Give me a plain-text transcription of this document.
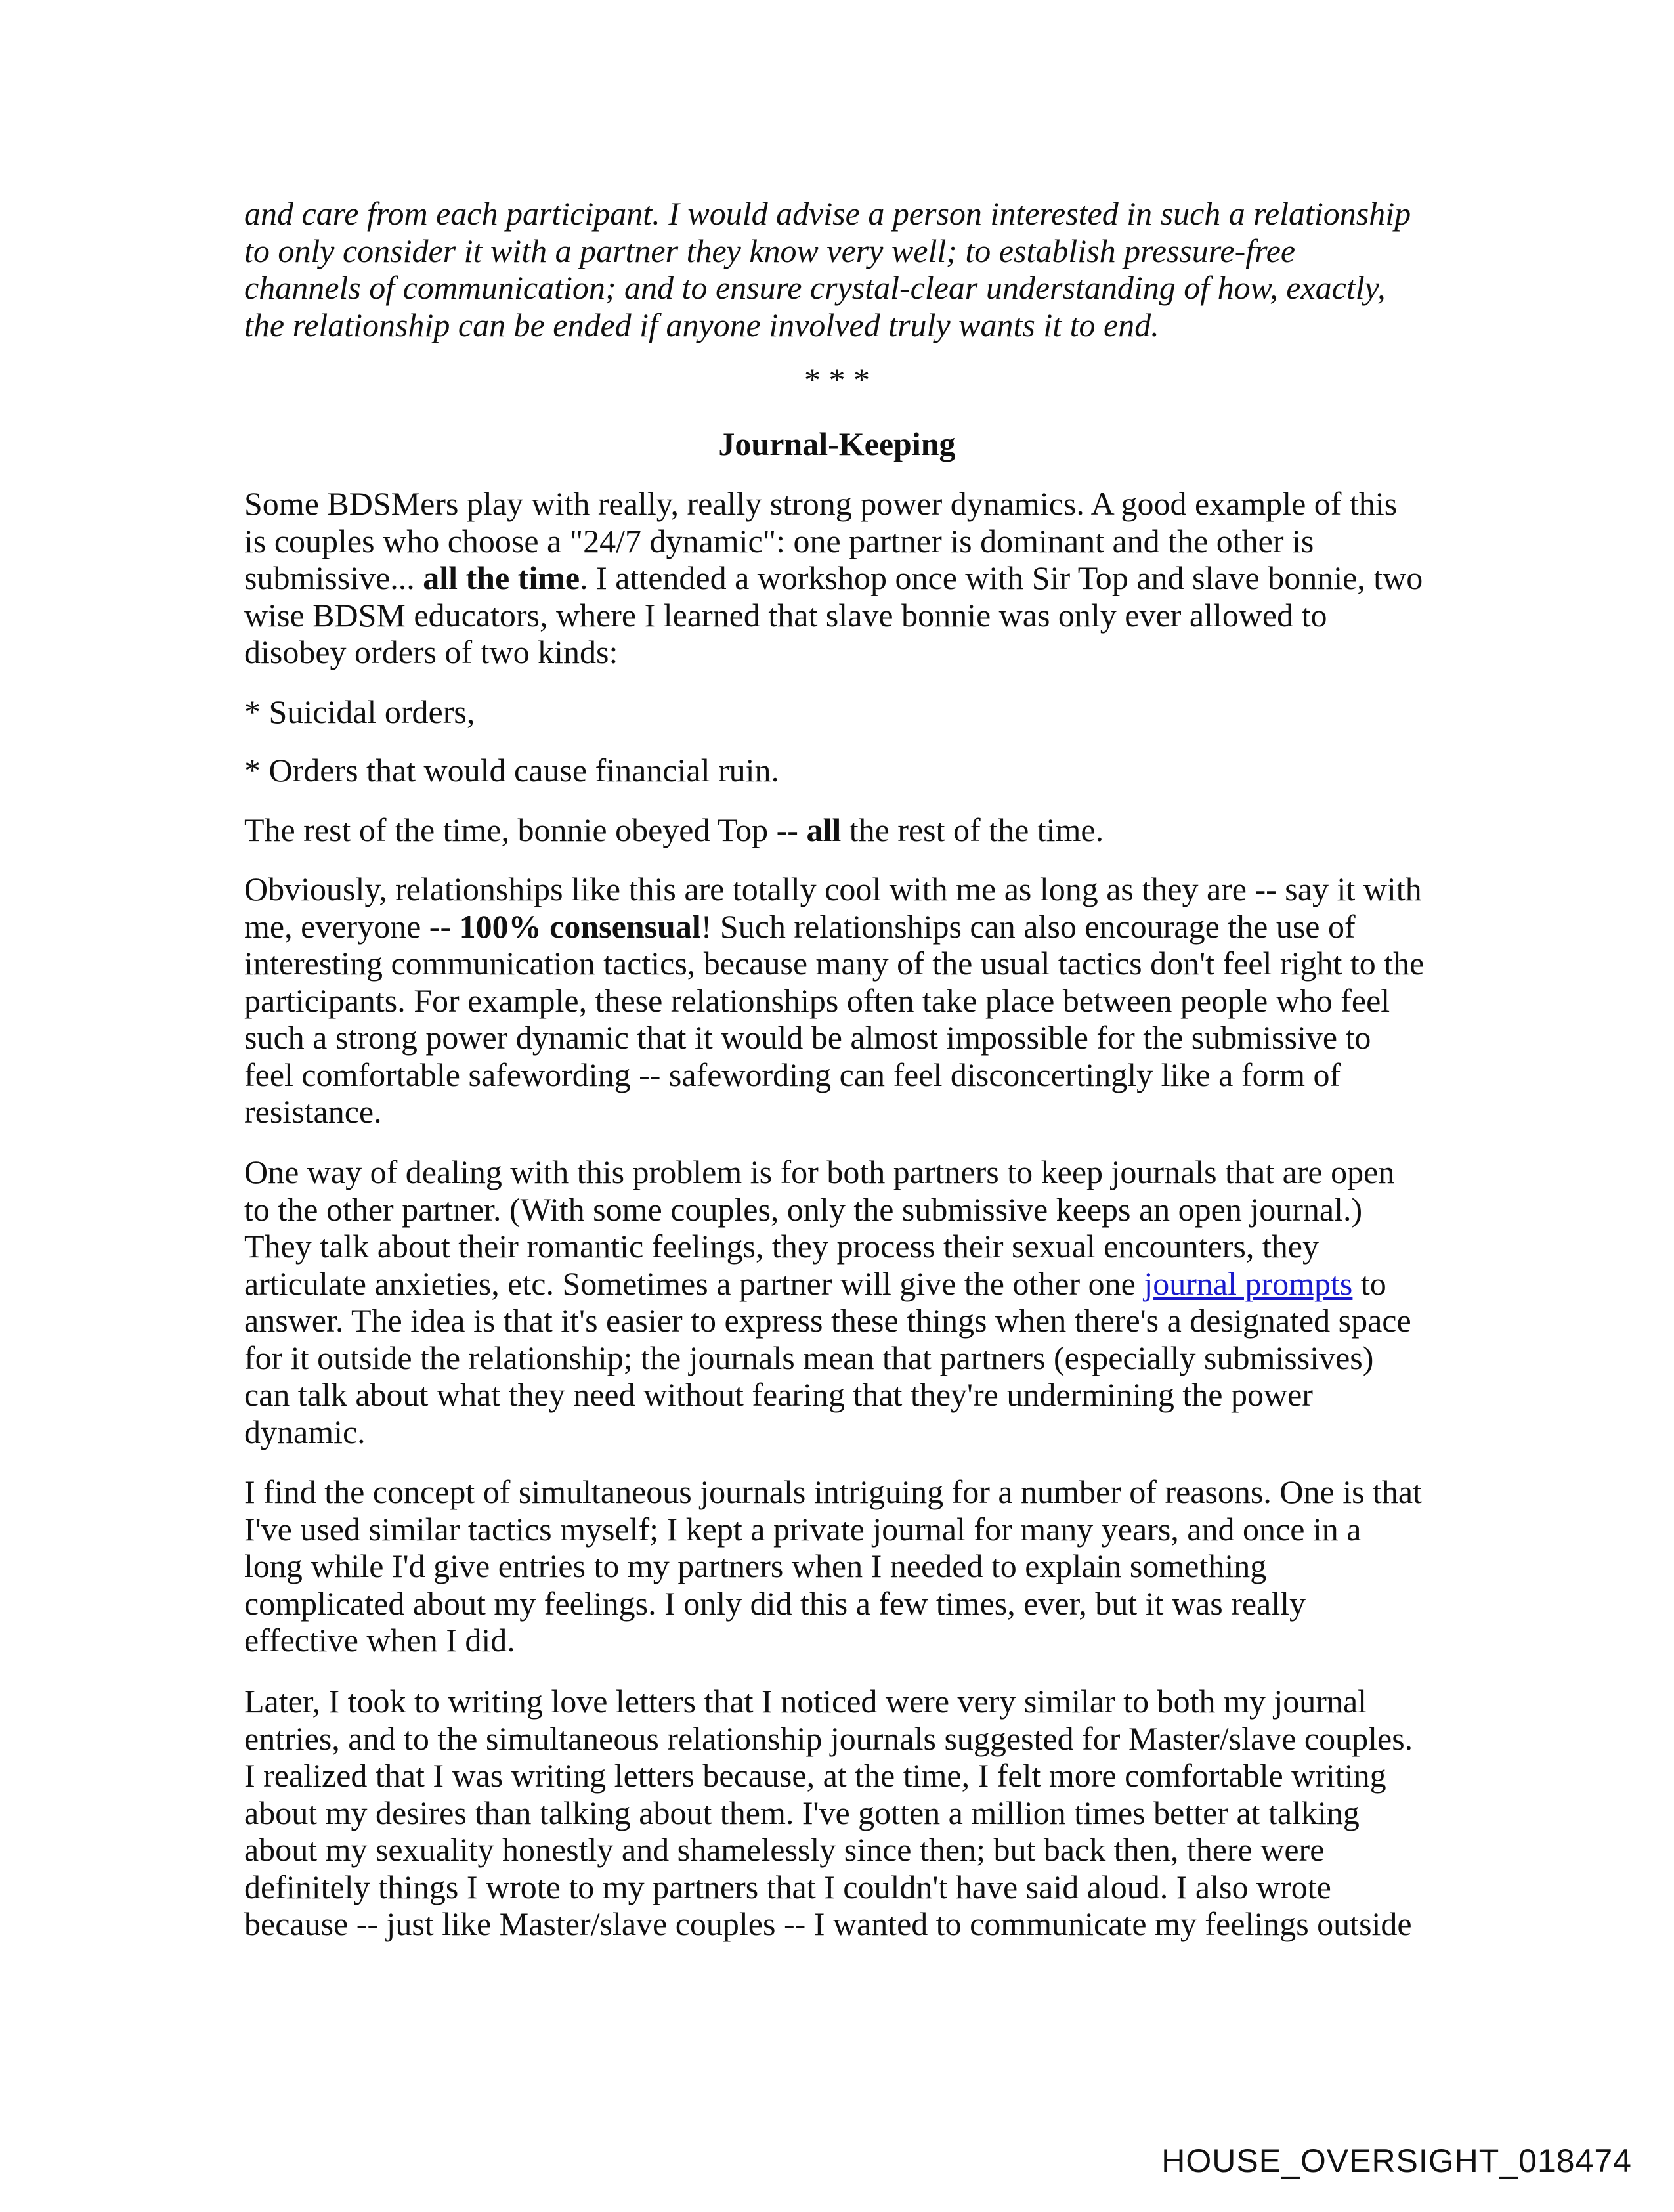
and care from each participant. I would advise a person interested in such a relationship
to only consider it with a partner they know very well; to establish pressure-free
channels of communication; and to ensure crystal-clear understanding of how, exactly,
the relationship can be ended if anyone involved truly wants it to end.
* * *
Journal-Keeping
Some BDSMers play with really, really strong power dynamics. A good example of this
is couples who choose a "24/7 dynamic": one partner is dominant and the other is
submissive... all the time. I attended a workshop once with Sir Top and slave bonnie, two
wise BDSM educators, where I learned that slave bonnie was only ever allowed to
disobey orders of two kinds:
* Suicidal orders,
* Orders that would cause financial ruin.
The rest of the time, bonnie obeyed Top -- all the rest of the time.
Obviously, relationships like this are totally cool with me as long as they are -- say it with
me, everyone -- 100% consensual! Such relationships can also encourage the use of
interesting communication tactics, because many of the usual tactics don't feel right to the
participants. For example, these relationships often take place between people who feel
such a strong power dynamic that it would be almost impossible for the submissive to
feel comfortable safewording -- safewording can feel disconcertingly like a form of
resistance.
One way of dealing with this problem is for both partners to keep journals that are open
to the other partner. (With some couples, only the submissive keeps an open journal.)
They talk about their romantic feelings, they process their sexual encounters, they
articulate anxieties, etc. Sometimes a partner will give the other one journal prompts to
answer. The idea is that it's easier to express these things when there's a designated space
for it outside the relationship; the journals mean that partners (especially submissives)
can talk about what they need without fearing that they're undermining the power
dynamic.
I find the concept of simultaneous journals intriguing for a number of reasons. One is that
I've used similar tactics myself; I kept a private journal for many years, and once in a
long while I'd give entries to my partners when I needed to explain something
complicated about my feelings. I only did this a few times, ever, but it was really
effective when I did.
Later, I took to writing love letters that I noticed were very similar to both my journal
entries, and to the simultaneous relationship journals suggested for Master/slave couples.
I realized that I was writing letters because, at the time, I felt more comfortable writing
about my desires than talking about them. I've gotten a million times better at talking
about my sexuality honestly and shamelessly since then; but back then, there were
definitely things I wrote to my partners that I couldn't have said aloud. I also wrote
because -- just like Master/slave couples -- I wanted to communicate my feelings outside
HOUSE_OVERSIGHT_018474
